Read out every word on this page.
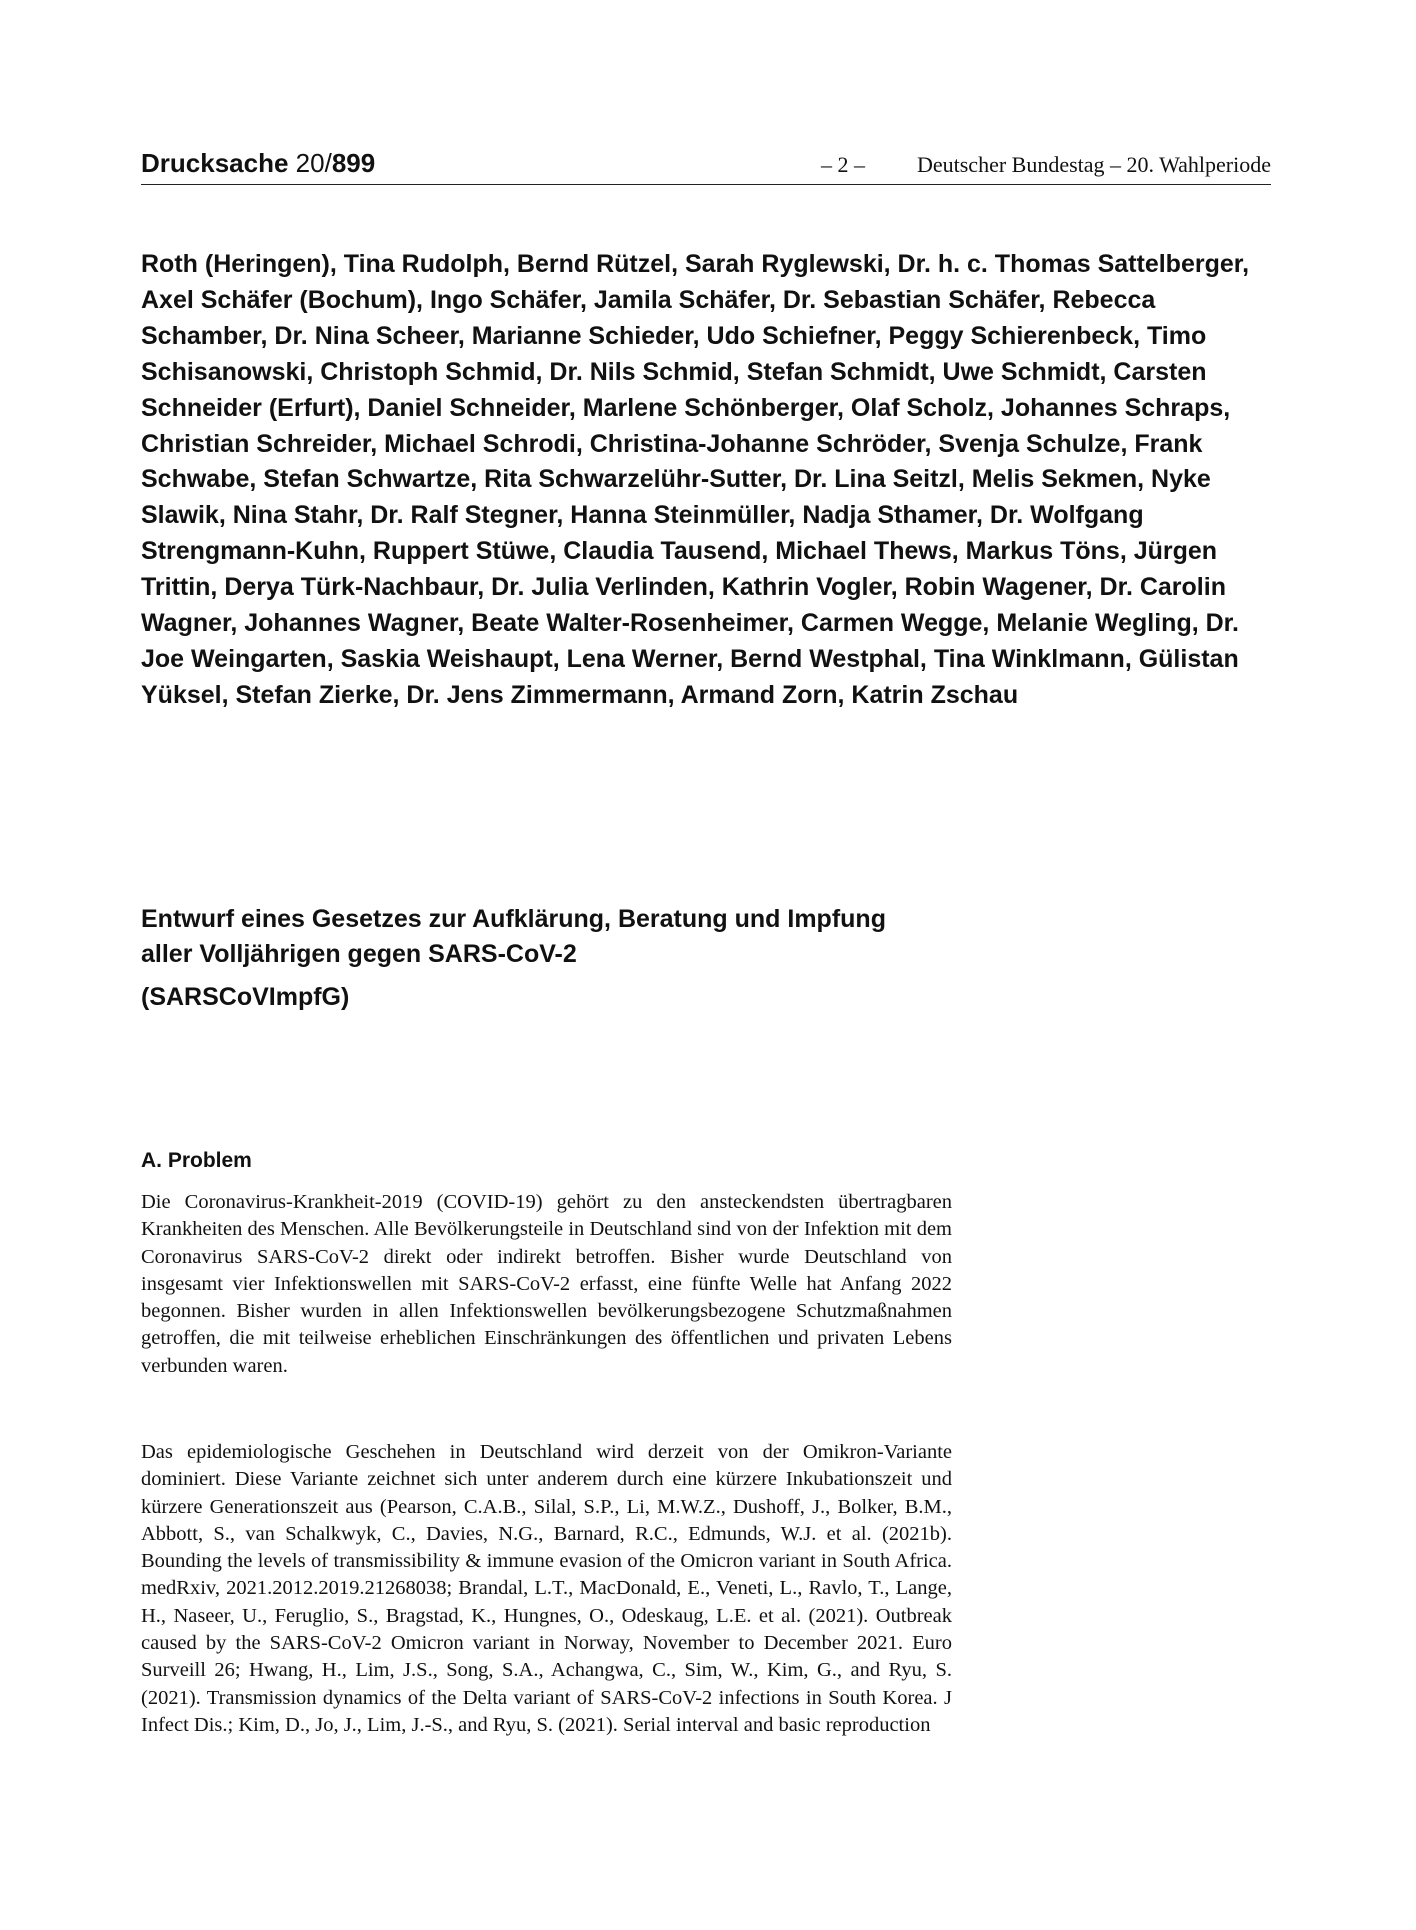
Drucksache 20/899	– 2 – Deutscher Bundestag – 20. Wahlperiode

Roth (Heringen), Tina Rudolph, Bernd Rützel, Sarah Ryglewski, Dr. h. c. Thomas Sattelberger, Axel Schäfer (Bochum), Ingo Schäfer, Jamila Schäfer, Dr. Sebastian Schäfer, Rebecca Schamber, Dr. Nina Scheer, Marianne Schieder, Udo Schiefner, Peggy Schierenbeck, Timo Schisanowski, Christoph Schmid, Dr. Nils Schmid, Stefan Schmidt, Uwe Schmidt, Carsten Schneider (Erfurt), Daniel Schneider, Marlene Schönberger, Olaf Scholz, Johannes Schraps, Christian Schreider, Michael Schrodi, Christina-Johanne Schröder, Svenja Schulze, Frank Schwabe, Stefan Schwartze, Rita Schwarzelühr-Sutter, Dr. Lina Seitzl, Melis Sekmen, Nyke Slawik, Nina Stahr, Dr. Ralf Stegner, Hanna Steinmüller, Nadja Sthamer, Dr. Wolfgang Strengmann-Kuhn, Ruppert Stüwe, Claudia Tausend, Michael Thews, Markus Töns, Jürgen Trittin, Derya Türk-Nachbaur, Dr. Julia Verlinden, Kathrin Vogler, Robin Wagener, Dr. Carolin Wagner, Johannes Wagner, Beate Walter-Rosenheimer, Carmen Wegge, Melanie Wegling, Dr. Joe Weingarten, Saskia Weishaupt, Lena Werner, Bernd Westphal, Tina Winklmann, Gülistan Yüksel, Stefan Zierke, Dr. Jens Zimmermann, Armand Zorn, Katrin Zschau

Entwurf eines Gesetzes zur Aufklärung, Beratung und Impfung
aller Volljährigen gegen SARS-CoV-2
(SARSCoVImpfG)
A. Problem

Die Coronavirus-Krankheit-2019 (COVID-19) gehört zu den ansteckendsten übertragbaren Krankheiten des Menschen. Alle Bevölkerungsteile in Deutschland sind von der Infektion mit dem Coronavirus SARS-CoV-2 direkt oder indirekt betroffen. Bisher wurde Deutschland von insgesamt vier Infektionswellen mit SARS-CoV-2 erfasst, eine fünfte Welle hat Anfang 2022 begonnen. Bisher wurden in allen Infektionswellen bevölkerungsbezogene Schutzmaßnahmen getroffen, die mit teilweise erheblichen Einschränkungen des öffentlichen und privaten Lebens verbunden waren.

Das epidemiologische Geschehen in Deutschland wird derzeit von der Omikron-Variante dominiert. Diese Variante zeichnet sich unter anderem durch eine kürzere Inkubationszeit und kürzere Generationszeit aus (Pearson, C.A.B., Silal, S.P., Li, M.W.Z., Dushoff, J., Bolker, B.M., Abbott, S., van Schalkwyk, C., Davies, N.G., Barnard, R.C., Edmunds, W.J. et al. (2021b). Bounding the levels of transmissibility & immune evasion of the Omicron variant in South Africa. medRxiv, 2021.2012.2019.21268038; Brandal, L.T., MacDonald, E., Veneti, L., Ravlo, T., Lange, H., Naseer, U., Feruglio, S., Bragstad, K., Hungnes, O., Odeskaug, L.E. et al. (2021). Outbreak caused by the SARS-CoV-2 Omicron variant in Norway, November to December 2021. Euro Surveill 26; Hwang, H., Lim, J.S., Song, S.A., Achangwa, C., Sim, W., Kim, G., and Ryu, S. (2021). Transmission dynamics of the Delta variant of SARS-CoV-2 infections in South Korea. J Infect Dis.; Kim, D., Jo, J., Lim, J.-S., and Ryu, S. (2021). Serial interval and basic reproduction
